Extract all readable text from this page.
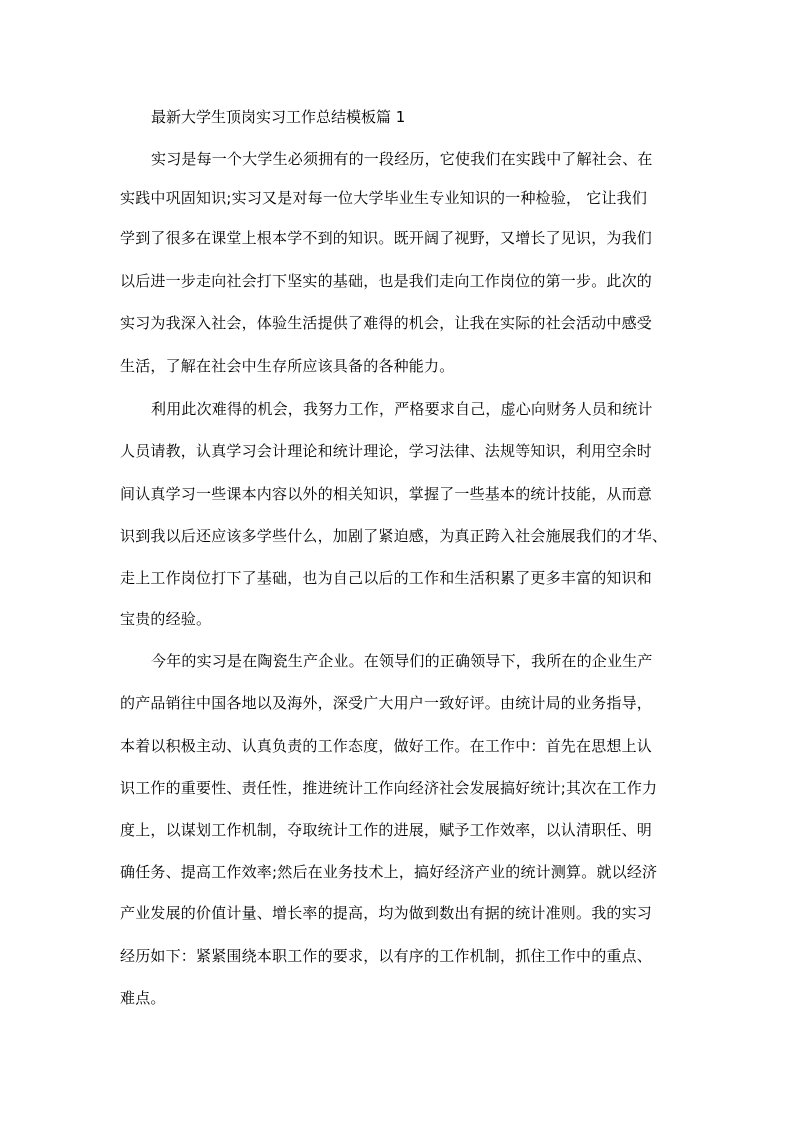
最新大学生顶岗实习工作总结模板篇 1
实习是每一个大学生必须拥有的一段经历，它使我们在实践中了解社会、在
实践中巩固知识;实习又是对每一位大学毕业生专业知识的一种检验， 它让我们
学到了很多在课堂上根本学不到的知识。既开阔了视野，又增长了见识，为我们
以后进一步走向社会打下坚实的基础，也是我们走向工作岗位的第一步。此次的
实习为我深入社会，体验生活提供了难得的机会，让我在实际的社会活动中感受
生活，了解在社会中生存所应该具备的各种能力。
利用此次难得的机会，我努力工作，严格要求自己，虚心向财务人员和统计
人员请教，认真学习会计理论和统计理论，学习法律、法规等知识，利用空余时
间认真学习一些课本内容以外的相关知识，掌握了一些基本的统计技能，从而意
识到我以后还应该多学些什么，加剧了紧迫感，为真正跨入社会施展我们的才华、
走上工作岗位打下了基础，也为自己以后的工作和生活积累了更多丰富的知识和
宝贵的经验。
今年的实习是在陶瓷生产企业。在领导们的正确领导下，我所在的企业生产
的产品销往中国各地以及海外，深受广大用户一致好评。由统计局的业务指导，
本着以积极主动、认真负责的工作态度，做好工作。在工作中：首先在思想上认
识工作的重要性、责任性，推进统计工作向经济社会发展搞好统计;其次在工作力
度上，以谋划工作机制，夺取统计工作的进展，赋予工作效率，以认清职任、明
确任务、提高工作效率;然后在业务技术上，搞好经济产业的统计测算。就以经济
产业发展的价值计量、增长率的提高，均为做到数出有据的统计准则。我的实习
经历如下：紧紧围绕本职工作的要求，以有序的工作机制，抓住工作中的重点、
难点。
